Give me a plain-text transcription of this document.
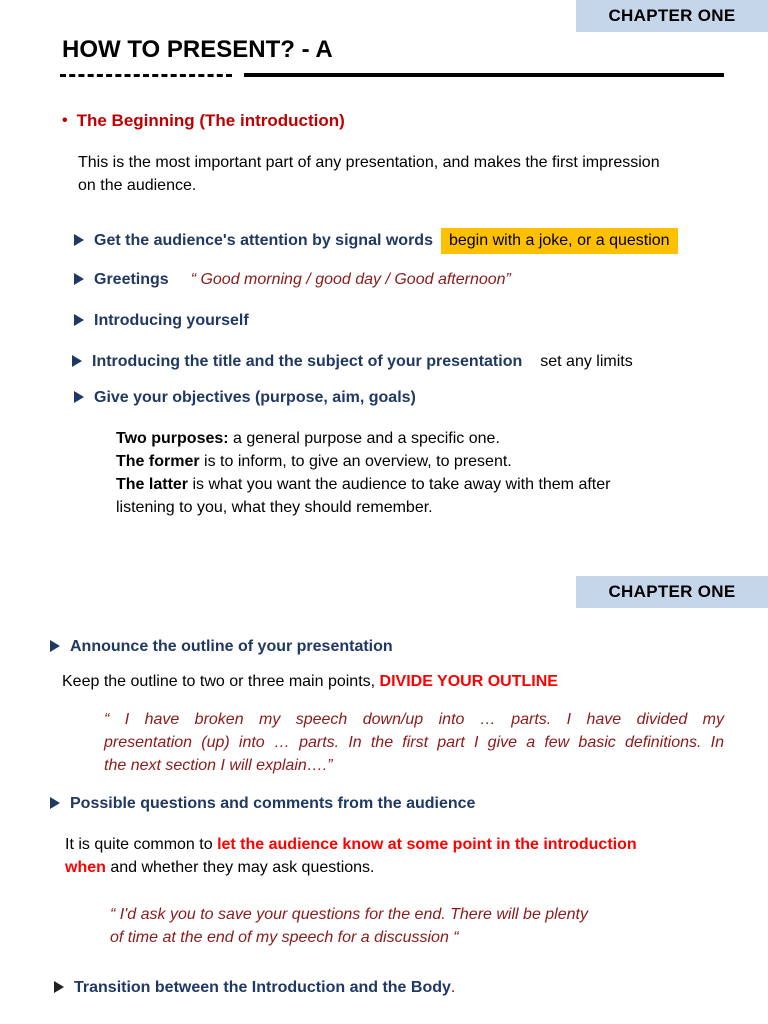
CHAPTER ONE
HOW TO PRESENT? - A
• The Beginning (The introduction)
This is the most important part of any presentation, and makes the first impression
on the audience.
Get the audience's attention by signal words	begin with a joke, or a question
Greetings “ Good morning / good day / Good afternoon”
Introducing yourself
Introducing the title and the subject of your presentation set any limits
Give your objectives (purpose, aim, goals)
Two purposes: a general purpose and a specific one.
The former is to inform, to give an overview, to present.
The latter is what you want the audience to take away with them after
listening to you, what they should remember.
CHAPTER ONE
Announce the outline of your presentation
Keep the outline to two or three main points, DIVIDE YOUR OUTLINE
“ I have broken my speech down/up into … parts. I have divided my
presentation (up) into … parts. In the first part I give a few basic definitions. In
the next section I will explain….”
Possible questions and comments from the audience
It is quite common to let the audience know at some point in the introduction
when and whether they may ask questions.
“ I'd ask you to save your questions for the end. There will be plenty
of time at the end of my speech for a discussion “
Transition between the Introduction and the Body .
